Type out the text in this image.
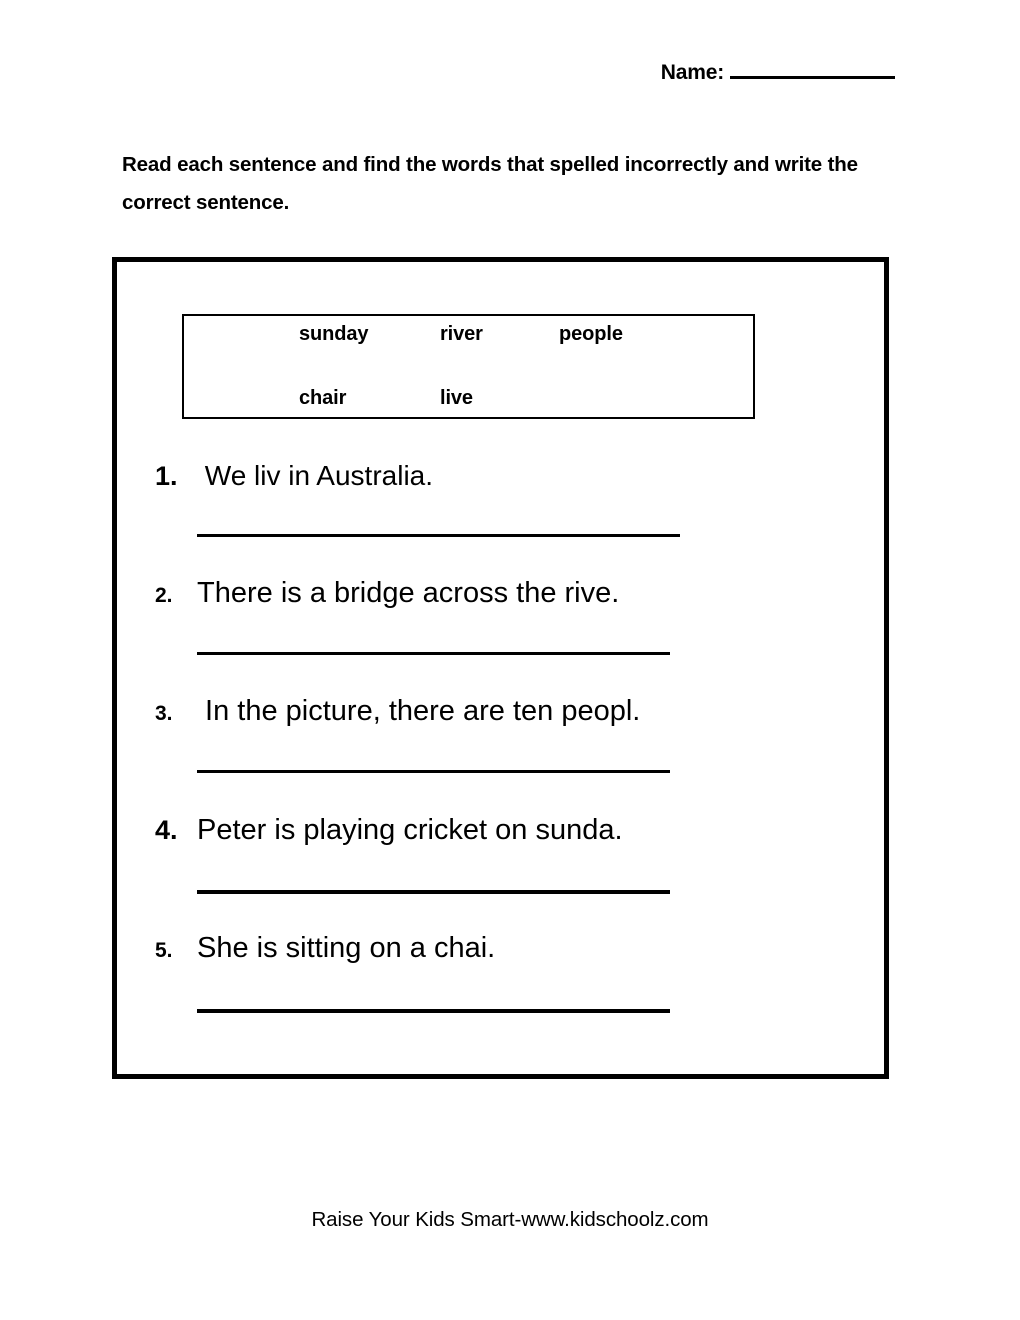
Name:
Read each sentence and find the words that spelled incorrectly and write the correct sentence.
sunday	river	people
chair	live
1. We liv in Australia.
2. There is a bridge across the rive.
3. In the picture, there are ten peopl.
4. Peter is playing cricket on sunda.
5. She is sitting on a chai.
Raise Your Kids Smart-www.kidschoolz.com
